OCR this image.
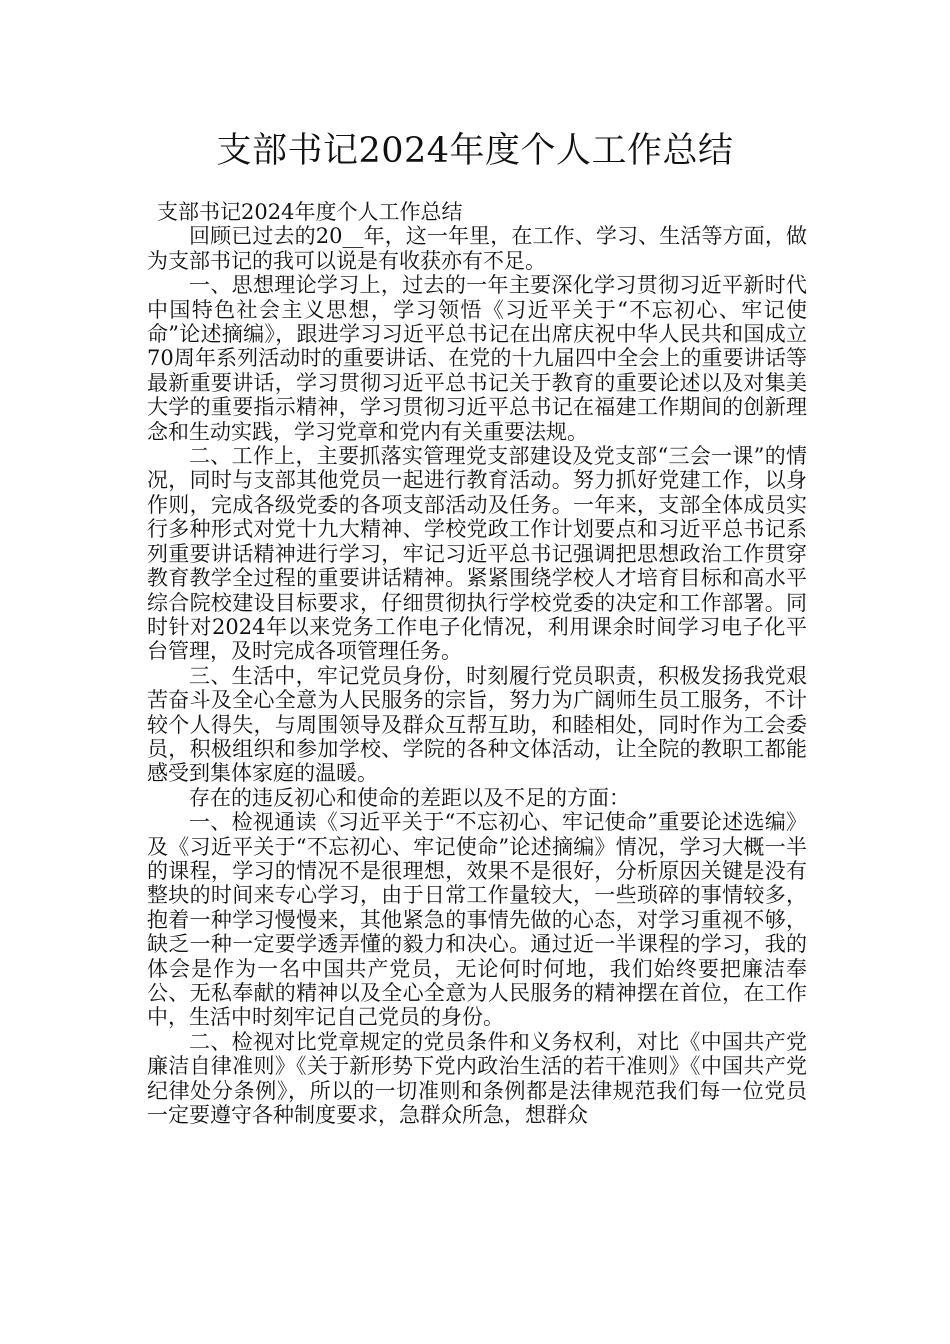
支部书记2024年度个人工作总结

支部书记2024年度个人工作总结

回顾已过去的20__年，这一年里，在工作、学习、生活等方面，做为支部书记的我可以说是有收获亦有不足。

一、思想理论学习上，过去的一年主要深化学习贯彻习近平新时代中国特色社会主义思想，学习领悟《习近平关于“不忘初心、牢记使命”论述摘编》，跟进学习习近平总书记在出席庆祝中华人民共和国成立70周年系列活动时的重要讲话、在党的十九届四中全会上的重要讲话等最新重要讲话，学习贯彻习近平总书记关于教育的重要论述以及对集美大学的重要指示精神，学习贯彻习近平总书记在福建工作期间的创新理念和生动实践，学习党章和党内有关重要法规。

二、工作上，主要抓落实管理党支部建设及党支部“三会一课”的情况，同时与支部其他党员一起进行教育活动。努力抓好党建工作，以身作则，完成各级党委的各项支部活动及任务。一年来，支部全体成员实行多种形式对党十九大精神、学校党政工作计划要点和习近平总书记系列重要讲话精神进行学习，牢记习近平总书记强调把思想政治工作贯穿教育教学全过程的重要讲话精神。紧紧围绕学校人才培育目标和高水平综合院校建设目标要求，仔细贯彻执行学校党委的决定和工作部署。同时针对2024年以来党务工作电子化情况，利用课余时间学习电子化平台管理，及时完成各项管理任务。

三、生活中，牢记党员身份，时刻履行党员职责，积极发扬我党艰苦奋斗及全心全意为人民服务的宗旨，努力为广阔师生员工服务，不计较个人得失，与周围领导及群众互帮互助，和睦相处，同时作为工会委员，积极组织和参加学校、学院的各种文体活动，让全院的教职工都能感受到集体家庭的温暖。

存在的违反初心和使命的差距以及不足的方面：

一、检视通读《习近平关于“不忘初心、牢记使命”重要论述选编》及《习近平关于“不忘初心、牢记使命”论述摘编》情况，学习大概一半的课程，学习的情况不是很理想，效果不是很好，分析原因关键是没有整块的时间来专心学习，由于日常工作量较大，一些琐碎的事情较多，抱着一种学习慢慢来，其他紧急的事情先做的心态，对学习重视不够，缺乏一种一定要学透弄懂的毅力和决心。通过近一半课程的学习，我的体会是作为一名中国共产党员，无论何时何地，我们始终要把廉洁奉公、无私奉献的精神以及全心全意为人民服务的精神摆在首位，在工作中，生活中时刻牢记自己党员的身份。

二、检视对比党章规定的党员条件和义务权利，对比《中国共产党廉洁自律准则》《关于新形势下党内政治生活的若干准则》《中国共产党纪律处分条例》，所以的一切准则和条例都是法律规范我们每一位党员一定要遵守各种制度要求，急群众所急，想群众
